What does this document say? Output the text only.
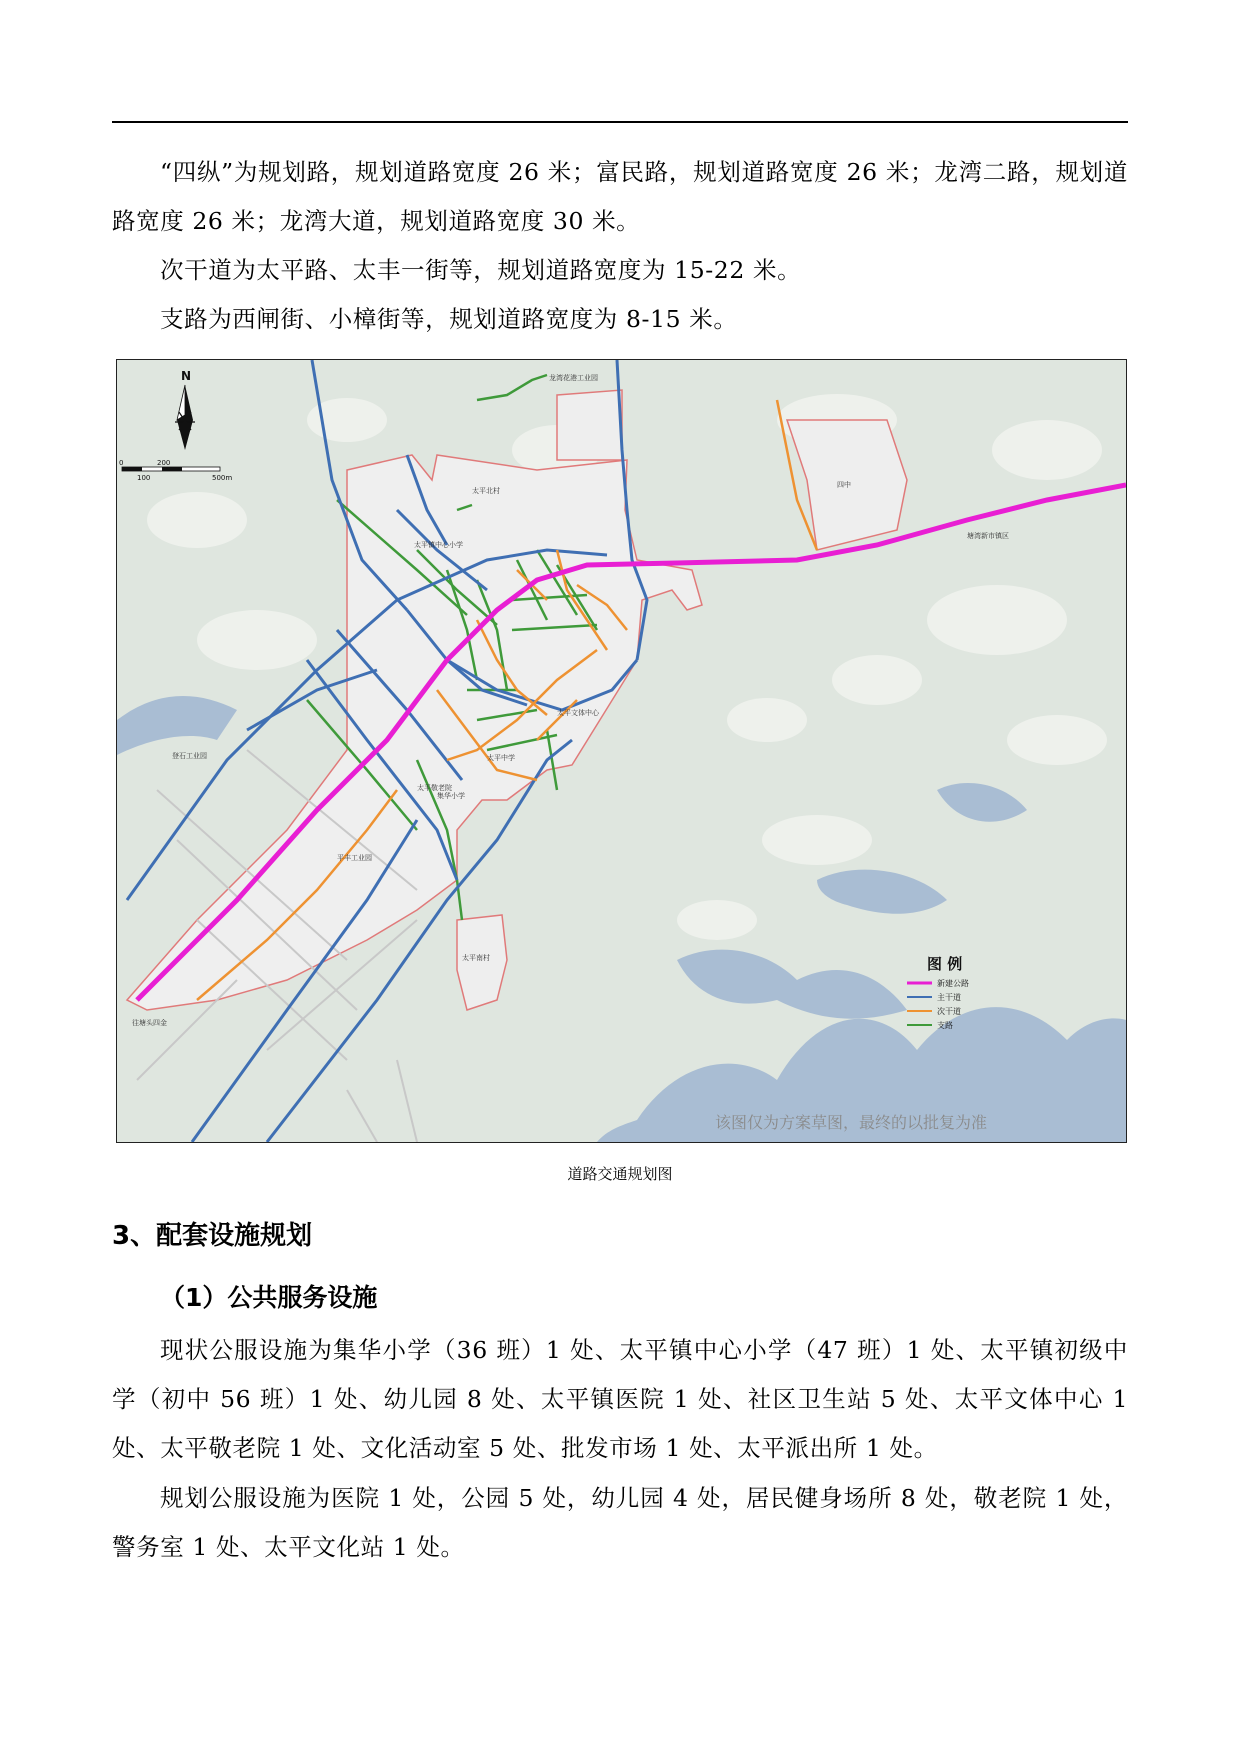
“四纵”为规划路，规划道路宽度 26 米；富民路，规划道路宽度 26 米；龙湾二路，规划道路宽度 26 米；龙湾大道，规划道路宽度 30 米。

次干道为太平路、太丰一街等，规划道路宽度为 15-22 米。

支路为西闸街、小樟街等，规划道路宽度为 8-15 米。

龙湾花港工业园
四中
塘湾新市镇区
登石工业园
平丰工业园
往塘头四金
太平镇中心小学
太平北村
太平文体中心
太平中学
集华小学
太平敬老院
太平南村
N
0
100
200
500m
图 例
新建公路
主干道
次干道
支路
该图仅为方案草图，最终的以批复为准
道路交通规划图
3、配套设施规划
（1）公共服务设施

现状公服设施为集华小学（36 班）1 处、太平镇中心小学（47 班）1 处、太平镇初级中学（初中 56 班）1 处、幼儿园 8 处、太平镇医院 1 处、社区卫生站 5 处、太平文体中心 1 处、太平敬老院 1 处、文化活动室 5 处、批发市场 1 处、太平派出所 1 处。

规划公服设施为医院 1 处，公园 5 处，幼儿园 4 处，居民健身场所 8 处，敬老院 1 处，警务室 1 处、太平文化站 1 处。
